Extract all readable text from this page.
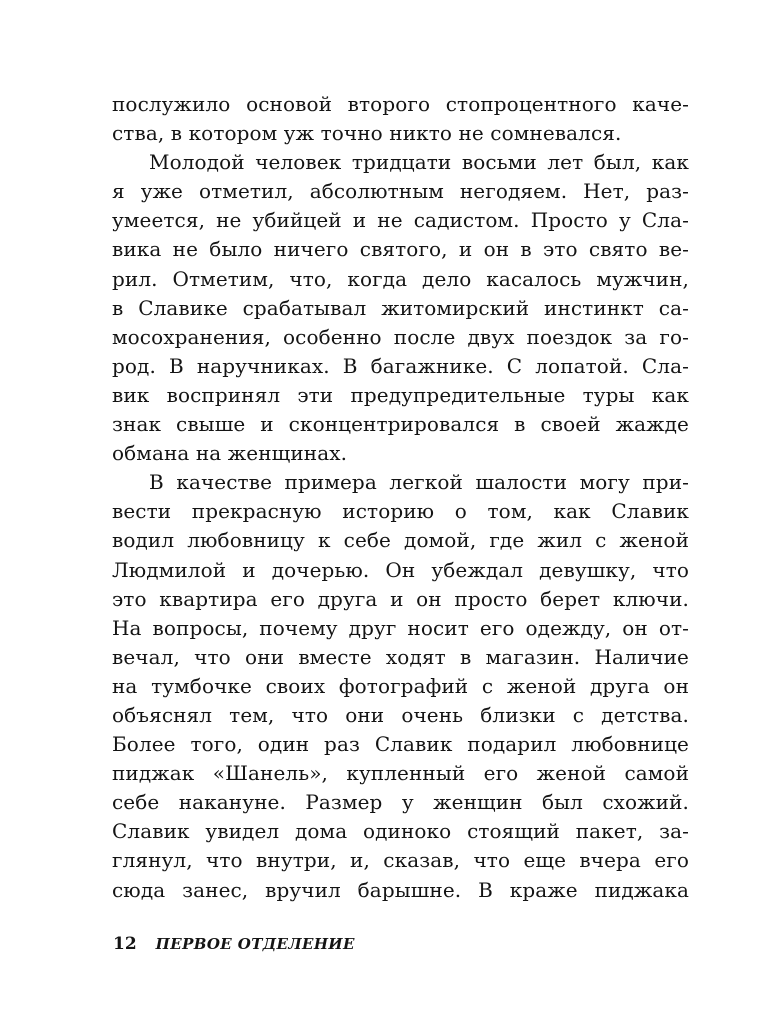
послужило основой второго стопроцентного каче-

ства, в котором уж точно никто не сомневался.

Молодой человек тридцати восьми лет был, как

я уже отметил, абсолютным негодяем. Нет, раз-

умеется, не убийцей и не садистом. Просто у Сла-

вика не было ничего святого, и он в это свято ве-

рил. Отметим, что, когда дело касалось мужчин,

в Славике срабатывал житомирский инстинкт са-

мосохранения, особенно после двух поездок за го-

род. В наручниках. В багажнике. С лопатой. Сла-

вик воспринял эти предупредительные туры как

знак свыше и сконцентрировался в своей жажде

обмана на женщинах.

В качестве примера легкой шалости могу при-

вести прекрасную историю о том, как Славик

водил любовницу к себе домой, где жил с женой

Людмилой и дочерью. Он убеждал девушку, что

это квартира его друга и он просто берет ключи.

На вопросы, почему друг носит его одежду, он от-

вечал, что они вместе ходят в магазин. Наличие

на тумбочке своих фотографий с женой друга он

объяснял тем, что они очень близки с детства.

Более того, один раз Славик подарил любовнице

пиджак «Шанель», купленный его женой самой

себе накануне. Размер у женщин был схожий.

Славик увидел дома одиноко стоящий пакет, за-

глянул, что внутри, и, сказав, что еще вчера его

сюда занес, вручил барышне. В краже пиджака

12 ПЕРВОЕ ОТДЕЛЕНИЕ
